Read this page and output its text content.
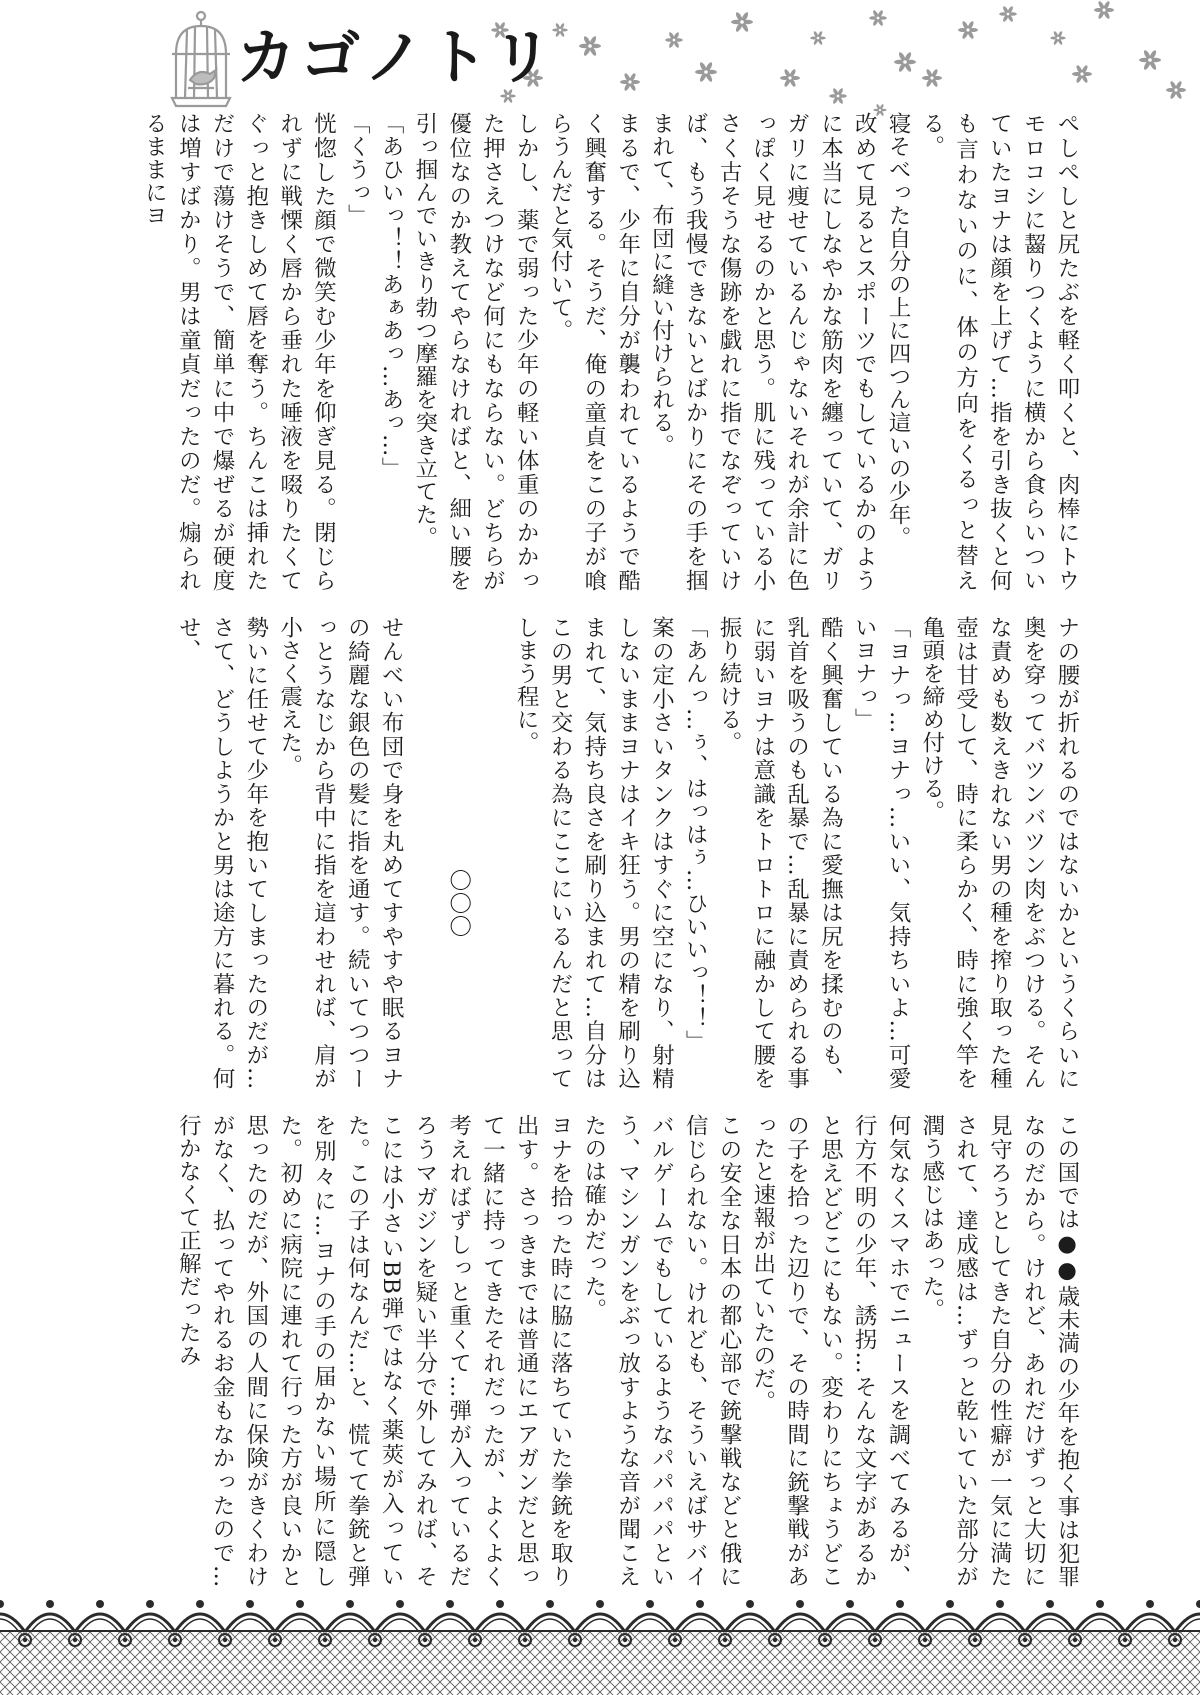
カゴノトリ
ぺしぺしと尻たぶを軽く叩くと、肉棒にトウモロコシに齧りつくように横から食らいついていたヨナは顔を上げて…指を引き抜くと何も言わないのに、体の方向をくるっと替える。
寝そべった自分の上に四つん這いの少年。
改めて見るとスポーツでもしているかのように本当にしなやかな筋肉を纏っていて、ガリガリに痩せているんじゃないそれが余計に色っぽく見せるのかと思う。肌に残っている小さく古そうな傷跡を戯れに指でなぞっていけば、もう我慢できないとばかりにその手を掴まれて、布団に縫い付けられる。
まるで、少年に自分が襲われているようで酷く興奮する。そうだ、俺の童貞をこの子が喰らうんだと気付いて。
しかし、薬で弱った少年の軽い体重のかかった押さえつけなど何にもならない。どちらが優位なのか教えてやらなければと、細い腰を引っ掴んでいきり勃つ摩羅を突き立てた。
「あひいっ！！あぁあっ…あっ…」
「くうっ」
恍惚した顔で微笑む少年を仰ぎ見る。閉じられずに戦慄く唇から垂れた唾液を啜りたくてぐっと抱きしめて唇を奪う。ちんこは挿れただけで蕩けそうで、簡単に中で爆ぜるが硬度は増すばかり。男は童貞だったのだ。煽られるままにヨ
ナの腰が折れるのではないかというくらいに奥を穿ってバツンバツン肉をぶつける。そんな責めも数えきれない男の種を搾り取った種壺は甘受して、時に柔らかく、時に強く竿を亀頭を締め付ける。
「ヨナっ…ヨナっ…いい、気持ちいよ…可愛いヨナっ」
酷く興奮している為に愛撫は尻を揉むのも、乳首を吸うのも乱暴で…乱暴に責められる事に弱いヨナは意識をトロトロに融かして腰を振り続ける。
「あんっ…ぅ、はっはぅ…ひいいっ！！」
案の定小さいタンクはすぐに空になり、射精しないままヨナはイキ狂う。男の精を刷り込まれて、気持ち良さを刷り込まれて…自分はこの男と交わる為にここにいるんだと思ってしまう程に。

　　　　　　　　　　　〇〇〇

せんべい布団で身を丸めてすやすや眠るヨナの綺麗な銀色の髪に指を通す。続いてつつーっとうなじから背中に指を這わせれば、肩が小さく震えた。
勢いに任せて少年を抱いてしまったのだが…さて、どうしようかと男は途方に暮れる。何せ、
この国では●●歳未満の少年を抱く事は犯罪なのだから。けれど、あれだけずっと大切に見守ろうとしてきた自分の性癖が一気に満たされて、達成感は…ずっと乾いていた部分が潤う感じはあった。
何気なくスマホでニュースを調べてみるが、行方不明の少年、誘拐…そんな文字があるかと思えどどこにもない。変わりにちょうどこの子を拾った辺りで、その時間に銃撃戦があったと速報が出ていたのだ。
この安全な日本の都心部で銃撃戦などと俄に信じられない。けれども、そういえばサバイバルゲームでもしているようなパパパパという、マシンガンをぶっ放すような音が聞こえたのは確かだった。
ヨナを拾った時に脇に落ちていた拳銃を取り出す。さっきまでは普通にエアガンだと思って一緒に持ってきたそれだったが、よくよく考えればずしっと重くて…弾が入っているだろうマガジンを疑い半分で外してみれば、そこには小さいBB弾ではなく薬莢が入っていた。この子は何なんだ…と、慌てて拳銃と弾を別々に…ヨナの手の届かない場所に隠した。初めに病院に連れて行った方が良いかと思ったのだが、外国の人間に保険がきくわけがなく、払ってやれるお金もなかったので…行かなくて正解だったみ
